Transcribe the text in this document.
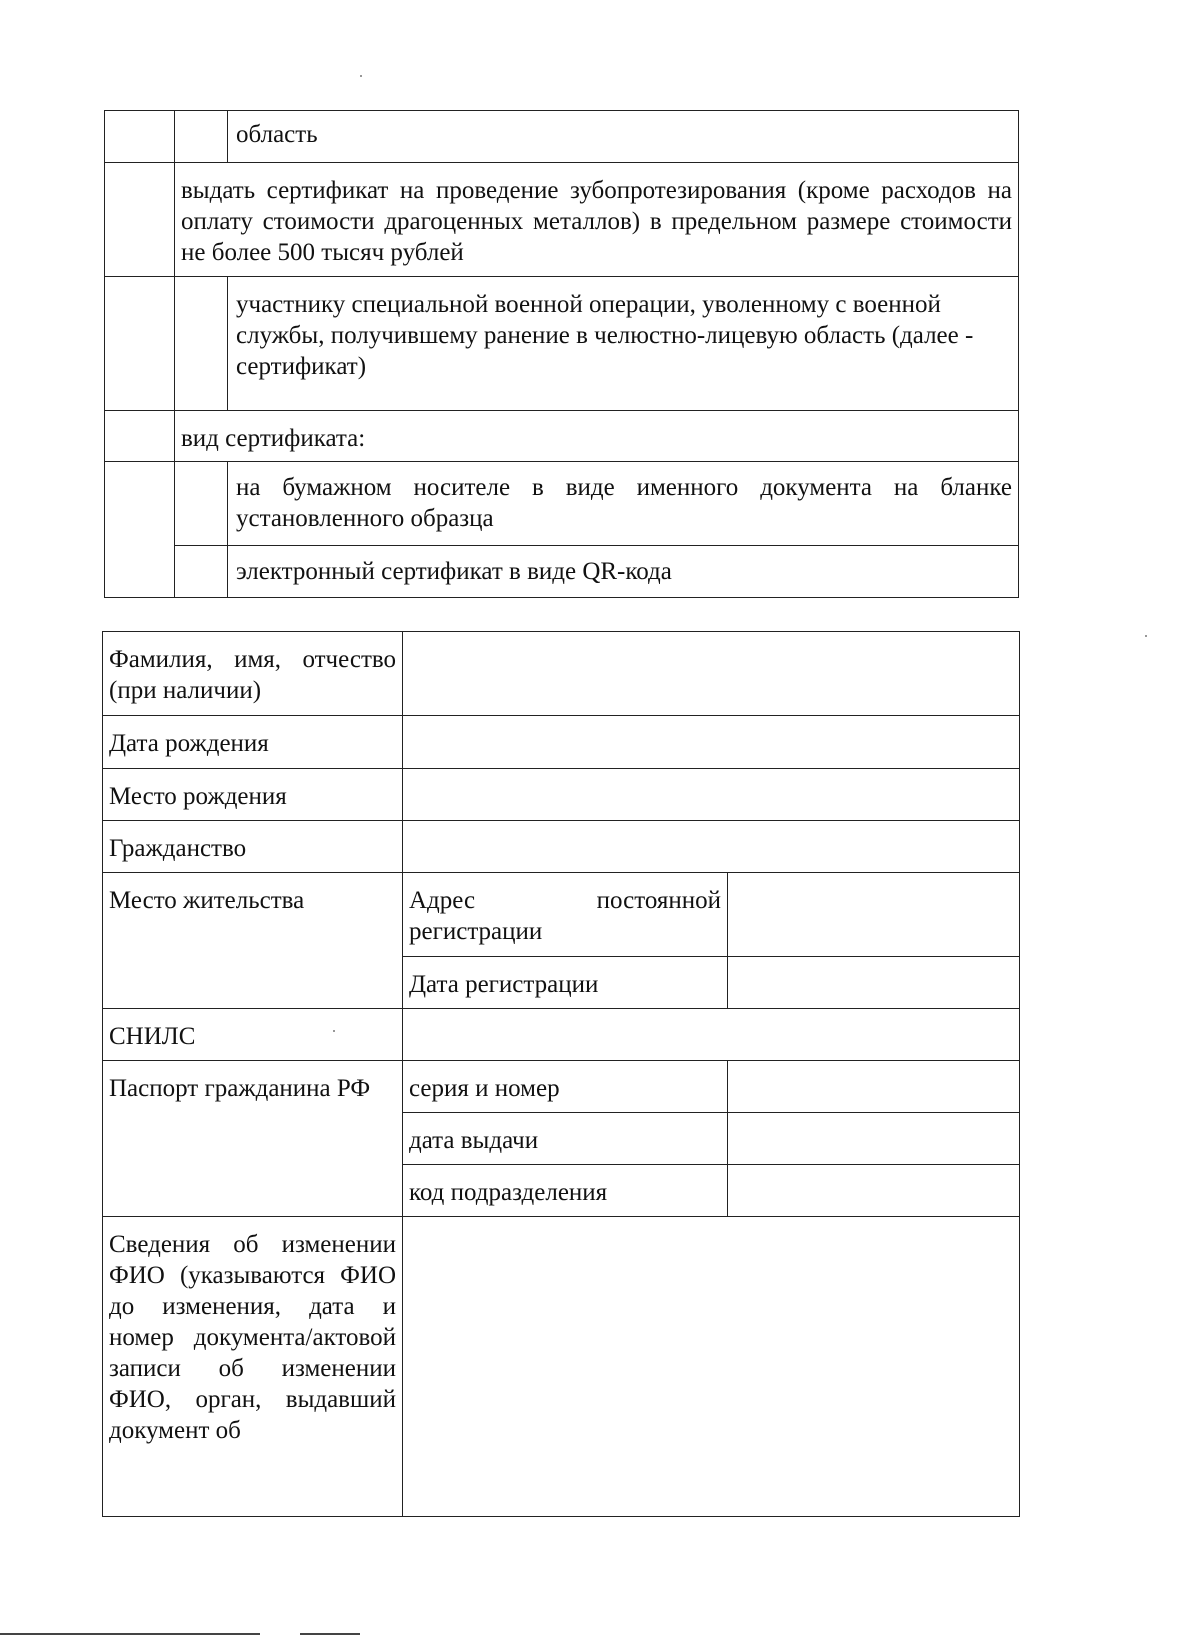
		область
	выдать сертификат на проведение зубопротезирования (кроме расходов на оплату стоимости драгоценных металлов) в предельном размере стоимости не более 500 тысяч рублей	
		участнику специальной военной операции, уволенному с военной службы, получившему ранение в челюстно-лицевую область (далее - сертификат)
	вид сертификата:	
		на бумажном носителе в виде именного документа на бланке установленного образца
		электронный сертификат в виде QR-кода
Фамилия, имя, отчество (при наличии)		
Дата рождения		
Место рождения		
Гражданство		
Место жительства	Адрес постоянной регистрации	
	Дата регистрации	
СНИЛС		
Паспорт гражданина РФ	серия и номер	
	дата выдачи	
	код подразделения	
Сведения об изменении ФИО (указываются ФИО до изменения, дата и номер документа/актовой записи об изменении ФИО, орган, выдавший документ об		
